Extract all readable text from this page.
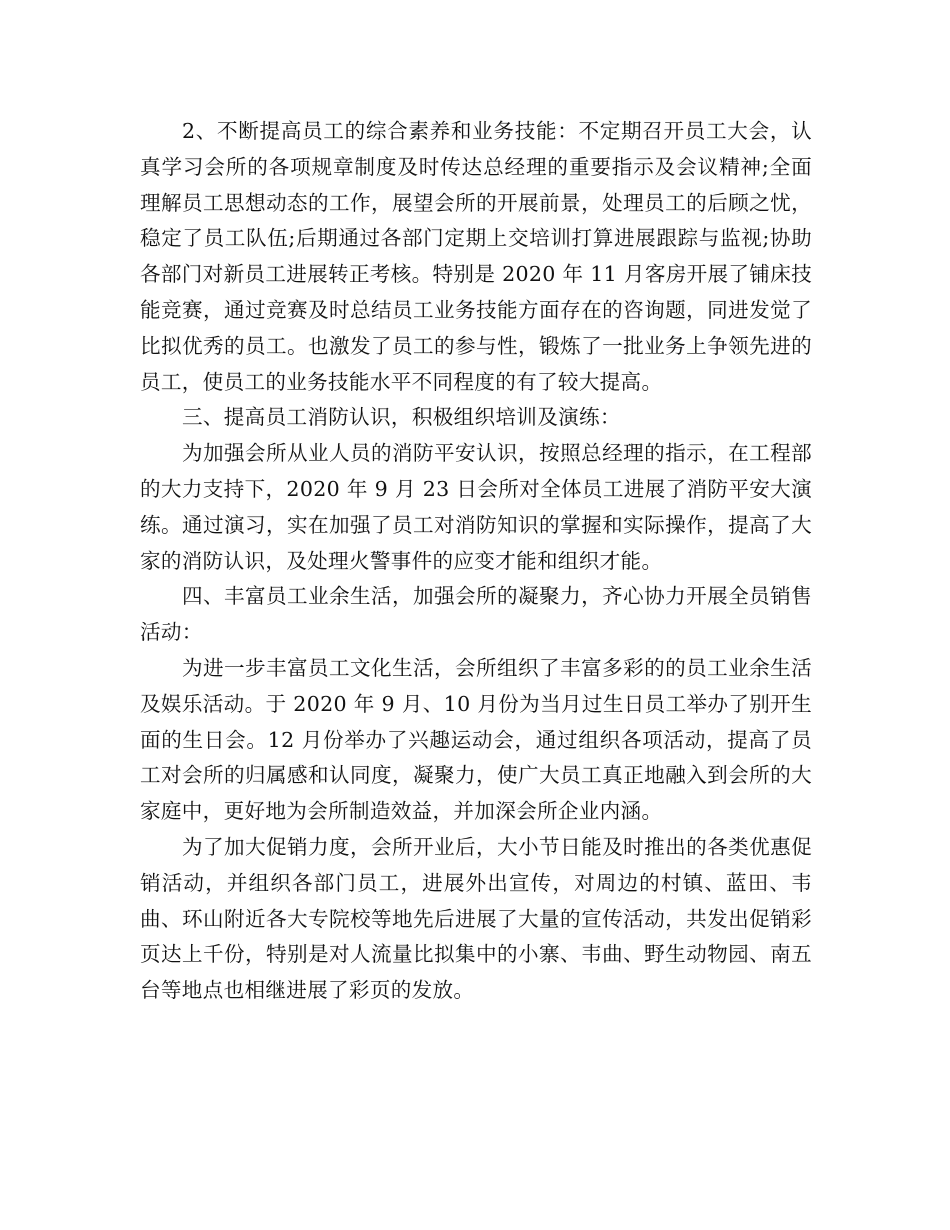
2、不断提高员工的综合素养和业务技能：不定期召开员工大会，认真学习会所的各项规章制度及时传达总经理的重要指示及会议精神;全面理解员工思想动态的工作，展望会所的开展前景，处理员工的后顾之忧，稳定了员工队伍;后期通过各部门定期上交培训打算进展跟踪与监视;协助各部门对新员工进展转正考核。特别是 2020 年 11 月客房开展了铺床技能竞赛，通过竞赛及时总结员工业务技能方面存在的咨询题，同进发觉了比拟优秀的员工。也激发了员工的参与性，锻炼了一批业务上争领先进的员工，使员工的业务技能水平不同程度的有了较大提高。

三、提高员工消防认识，积极组织培训及演练：

为加强会所从业人员的消防平安认识，按照总经理的指示，在工程部的大力支持下，2020 年 9 月 23 日会所对全体员工进展了消防平安大演练。通过演习，实在加强了员工对消防知识的掌握和实际操作，提高了大家的消防认识，及处理火警事件的应变才能和组织才能。

四、丰富员工业余生活，加强会所的凝聚力，齐心协力开展全员销售活动：

为进一步丰富员工文化生活，会所组织了丰富多彩的的员工业余生活及娱乐活动。于 2020 年 9 月、10 月份为当月过生日员工举办了别开生面的生日会。12 月份举办了兴趣运动会，通过组织各项活动，提高了员工对会所的归属感和认同度，凝聚力，使广大员工真正地融入到会所的大家庭中，更好地为会所制造效益，并加深会所企业内涵。

为了加大促销力度，会所开业后，大小节日能及时推出的各类优惠促销活动，并组织各部门员工，进展外出宣传，对周边的村镇、蓝田、韦曲、环山附近各大专院校等地先后进展了大量的宣传活动，共发出促销彩页达上千份，特别是对人流量比拟集中的小寨、韦曲、野生动物园、南五台等地点也相继进展了彩页的发放。
